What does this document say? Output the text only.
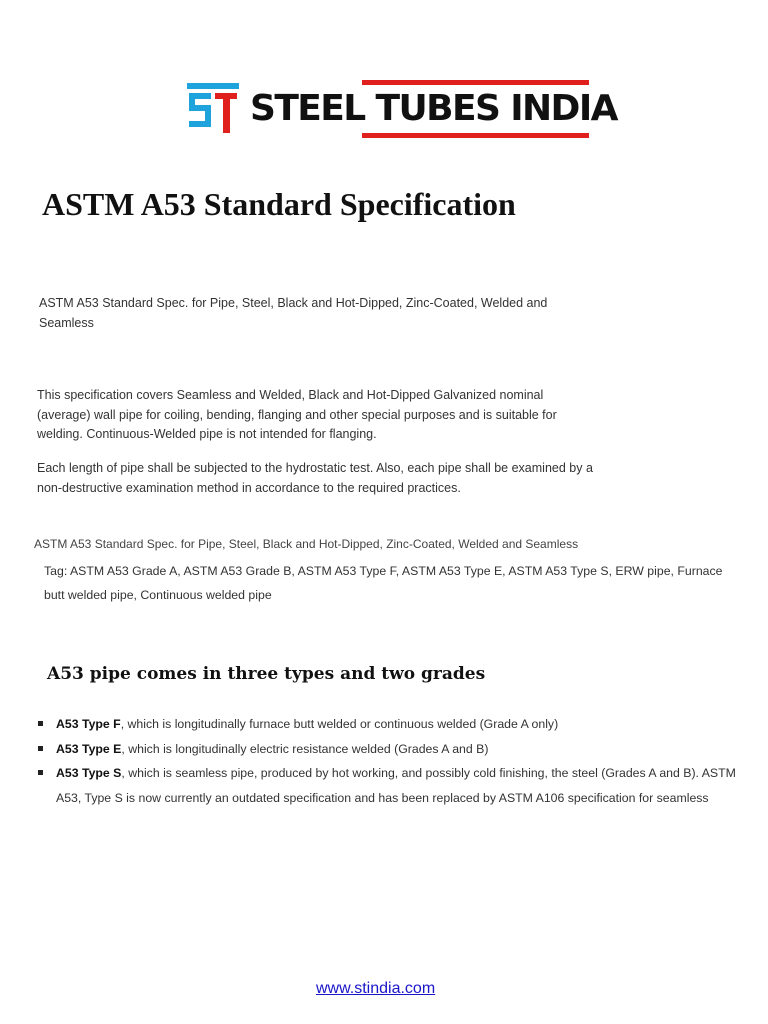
STEEL TUBES INDIA
ASTM A53 Standard Specification

ASTM A53 Standard Spec. for Pipe, Steel, Black and Hot-Dipped, Zinc-Coated, Welded and Seamless

This specification covers Seamless and Welded, Black and Hot-Dipped Galvanized nominal (average) wall pipe for coiling, bending, flanging and other special purposes and is suitable for welding. Continuous-Welded pipe is not intended for flanging.

Each length of pipe shall be subjected to the hydrostatic test. Also, each pipe shall be examined by a non-destructive examination method in accordance to the required practices.

ASTM A53 Standard Spec. for Pipe, Steel, Black and Hot-Dipped, Zinc-Coated, Welded and Seamless

Tag: ASTM A53 Grade A, ASTM A53 Grade B, ASTM A53 Type F, ASTM A53 Type E, ASTM A53 Type S, ERW pipe, Furnace butt welded pipe, Continuous welded pipe

A53 pipe comes in three types and two grades
A53 Type F, which is longitudinally furnace butt welded or continuous welded (Grade A only)
A53 Type E, which is longitudinally electric resistance welded (Grades A and B)
A53 Type S, which is seamless pipe, produced by hot working, and possibly cold finishing, the steel (Grades A and B). ASTM A53, Type S is now currently an outdated specification and has been replaced by ASTM A106 specification for seamless
www.stindia.com
